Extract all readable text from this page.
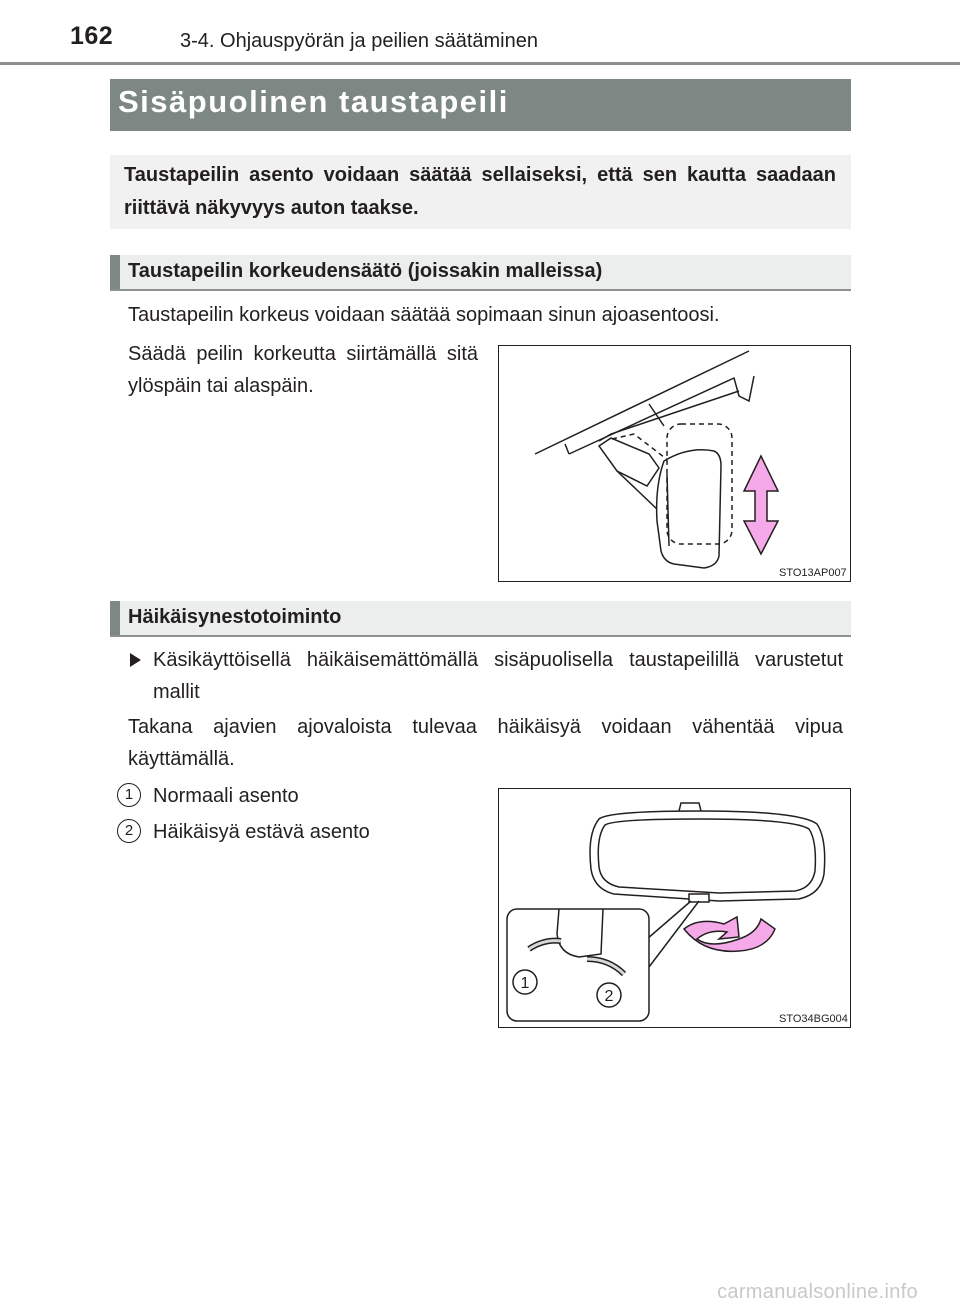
162	3-4. Ohjauspyörän ja peilien säätäminen
Sisäpuolinen taustapeili
Taustapeilin asento voidaan säätää sellaiseksi, että sen kautta saadaan riittävä näkyvyys auton taakse.
Taustapeilin korkeudensäätö (joissakin malleissa)
Taustapeilin korkeus voidaan säätää sopimaan sinun ajoasentoosi.
Säädä peilin korkeutta siirtämällä sitä ylöspäin tai alaspäin.
STO13AP007
Häikäisynestotoiminto
Käsikäyttöisellä häikäisemättömällä sisäpuolisella taustapeilillä varustetut mallit
Takana ajavien ajovaloista tulevaa häikäisyä voidaan vähentää vipua käyttämällä.
1 Normaali asento
2 Häikäisyä estävä asento
1
2
STO34BG004
carmanualsonline.info
